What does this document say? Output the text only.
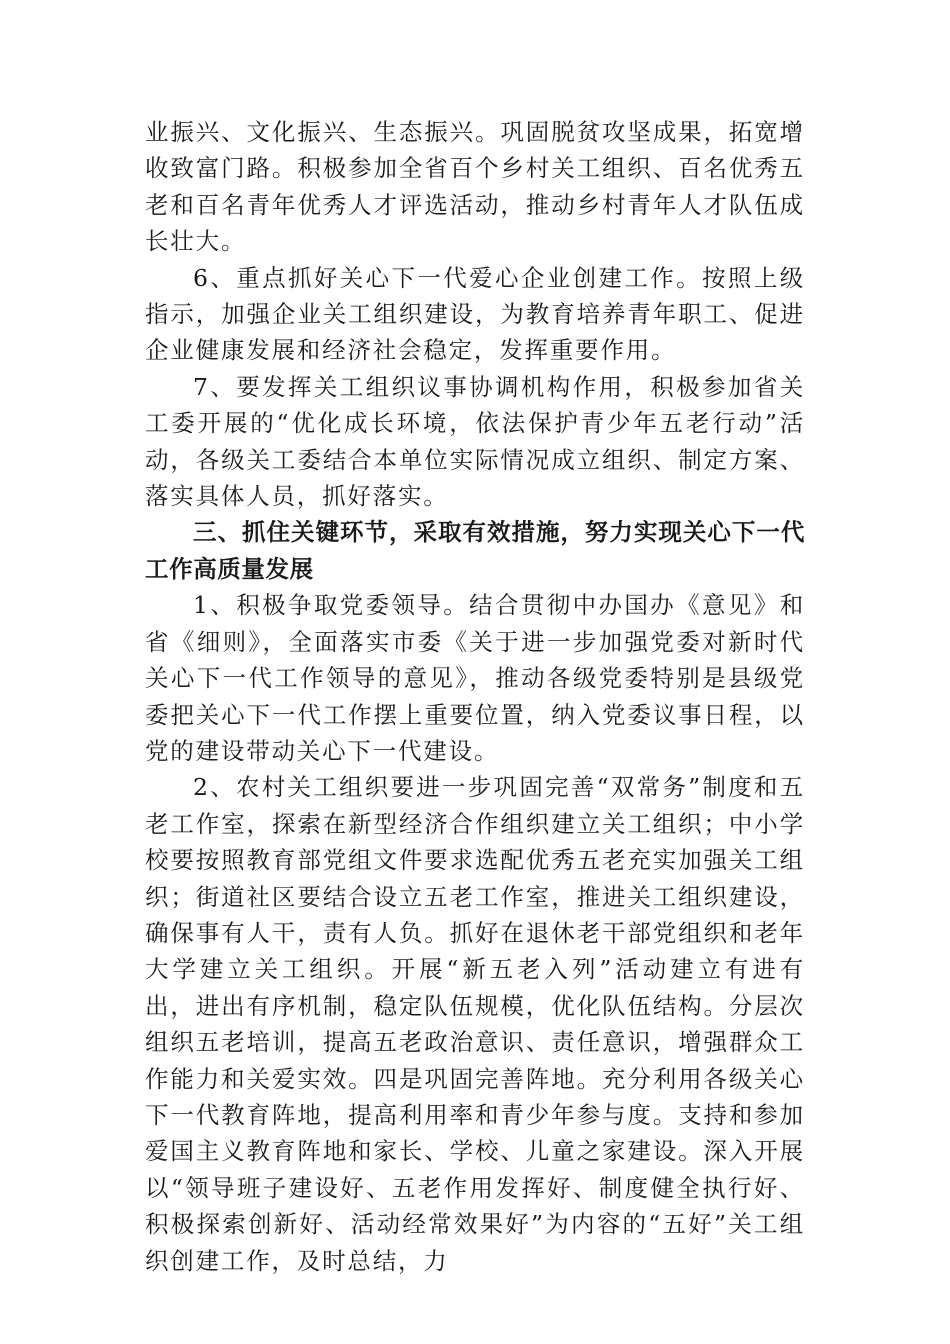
业振兴、文化振兴、生态振兴。巩固脱贫攻坚成果，拓宽增收致富门路。积极参加全省百个乡村关工组织、百名优秀五老和百名青年优秀人才评选活动，推动乡村青年人才队伍成长壮大。

6、重点抓好关心下一代爱心企业创建工作。按照上级指示，加强企业关工组织建设，为教育培养青年职工、促进企业健康发展和经济社会稳定，发挥重要作用。

7、要发挥关工组织议事协调机构作用，积极参加省关工委开展的“优化成长环境，依法保护青少年五老行动”活动，各级关工委结合本单位实际情况成立组织、制定方案、落实具体人员，抓好落实。

三、抓住关键环节，采取有效措施，努力实现关心下一代工作高质量发展

1、积极争取党委领导。结合贯彻中办国办《意见》和省《细则》，全面落实市委《关于进一步加强党委对新时代关心下一代工作领导的意见》，推动各级党委特别是县级党委把关心下一代工作摆上重要位置，纳入党委议事日程，以党的建设带动关心下一代建设。

2、农村关工组织要进一步巩固完善“双常务”制度和五老工作室，探索在新型经济合作组织建立关工组织；中小学校要按照教育部党组文件要求选配优秀五老充实加强关工组织；街道社区要结合设立五老工作室，推进关工组织建设，确保事有人干，责有人负。抓好在退休老干部党组织和老年大学建立关工组织。开展“新五老入列”活动建立有进有出，进出有序机制，稳定队伍规模，优化队伍结构。分层次组织五老培训，提高五老政治意识、责任意识，增强群众工作能力和关爱实效。四是巩固完善阵地。充分利用各级关心下一代教育阵地，提高利用率和青少年参与度。支持和参加爱国主义教育阵地和家长、学校、儿童之家建设。深入开展以“领导班子建设好、五老作用发挥好、制度健全执行好、积极探索创新好、活动经常效果好”为内容的“五好”关工组织创建工作，及时总结，力
